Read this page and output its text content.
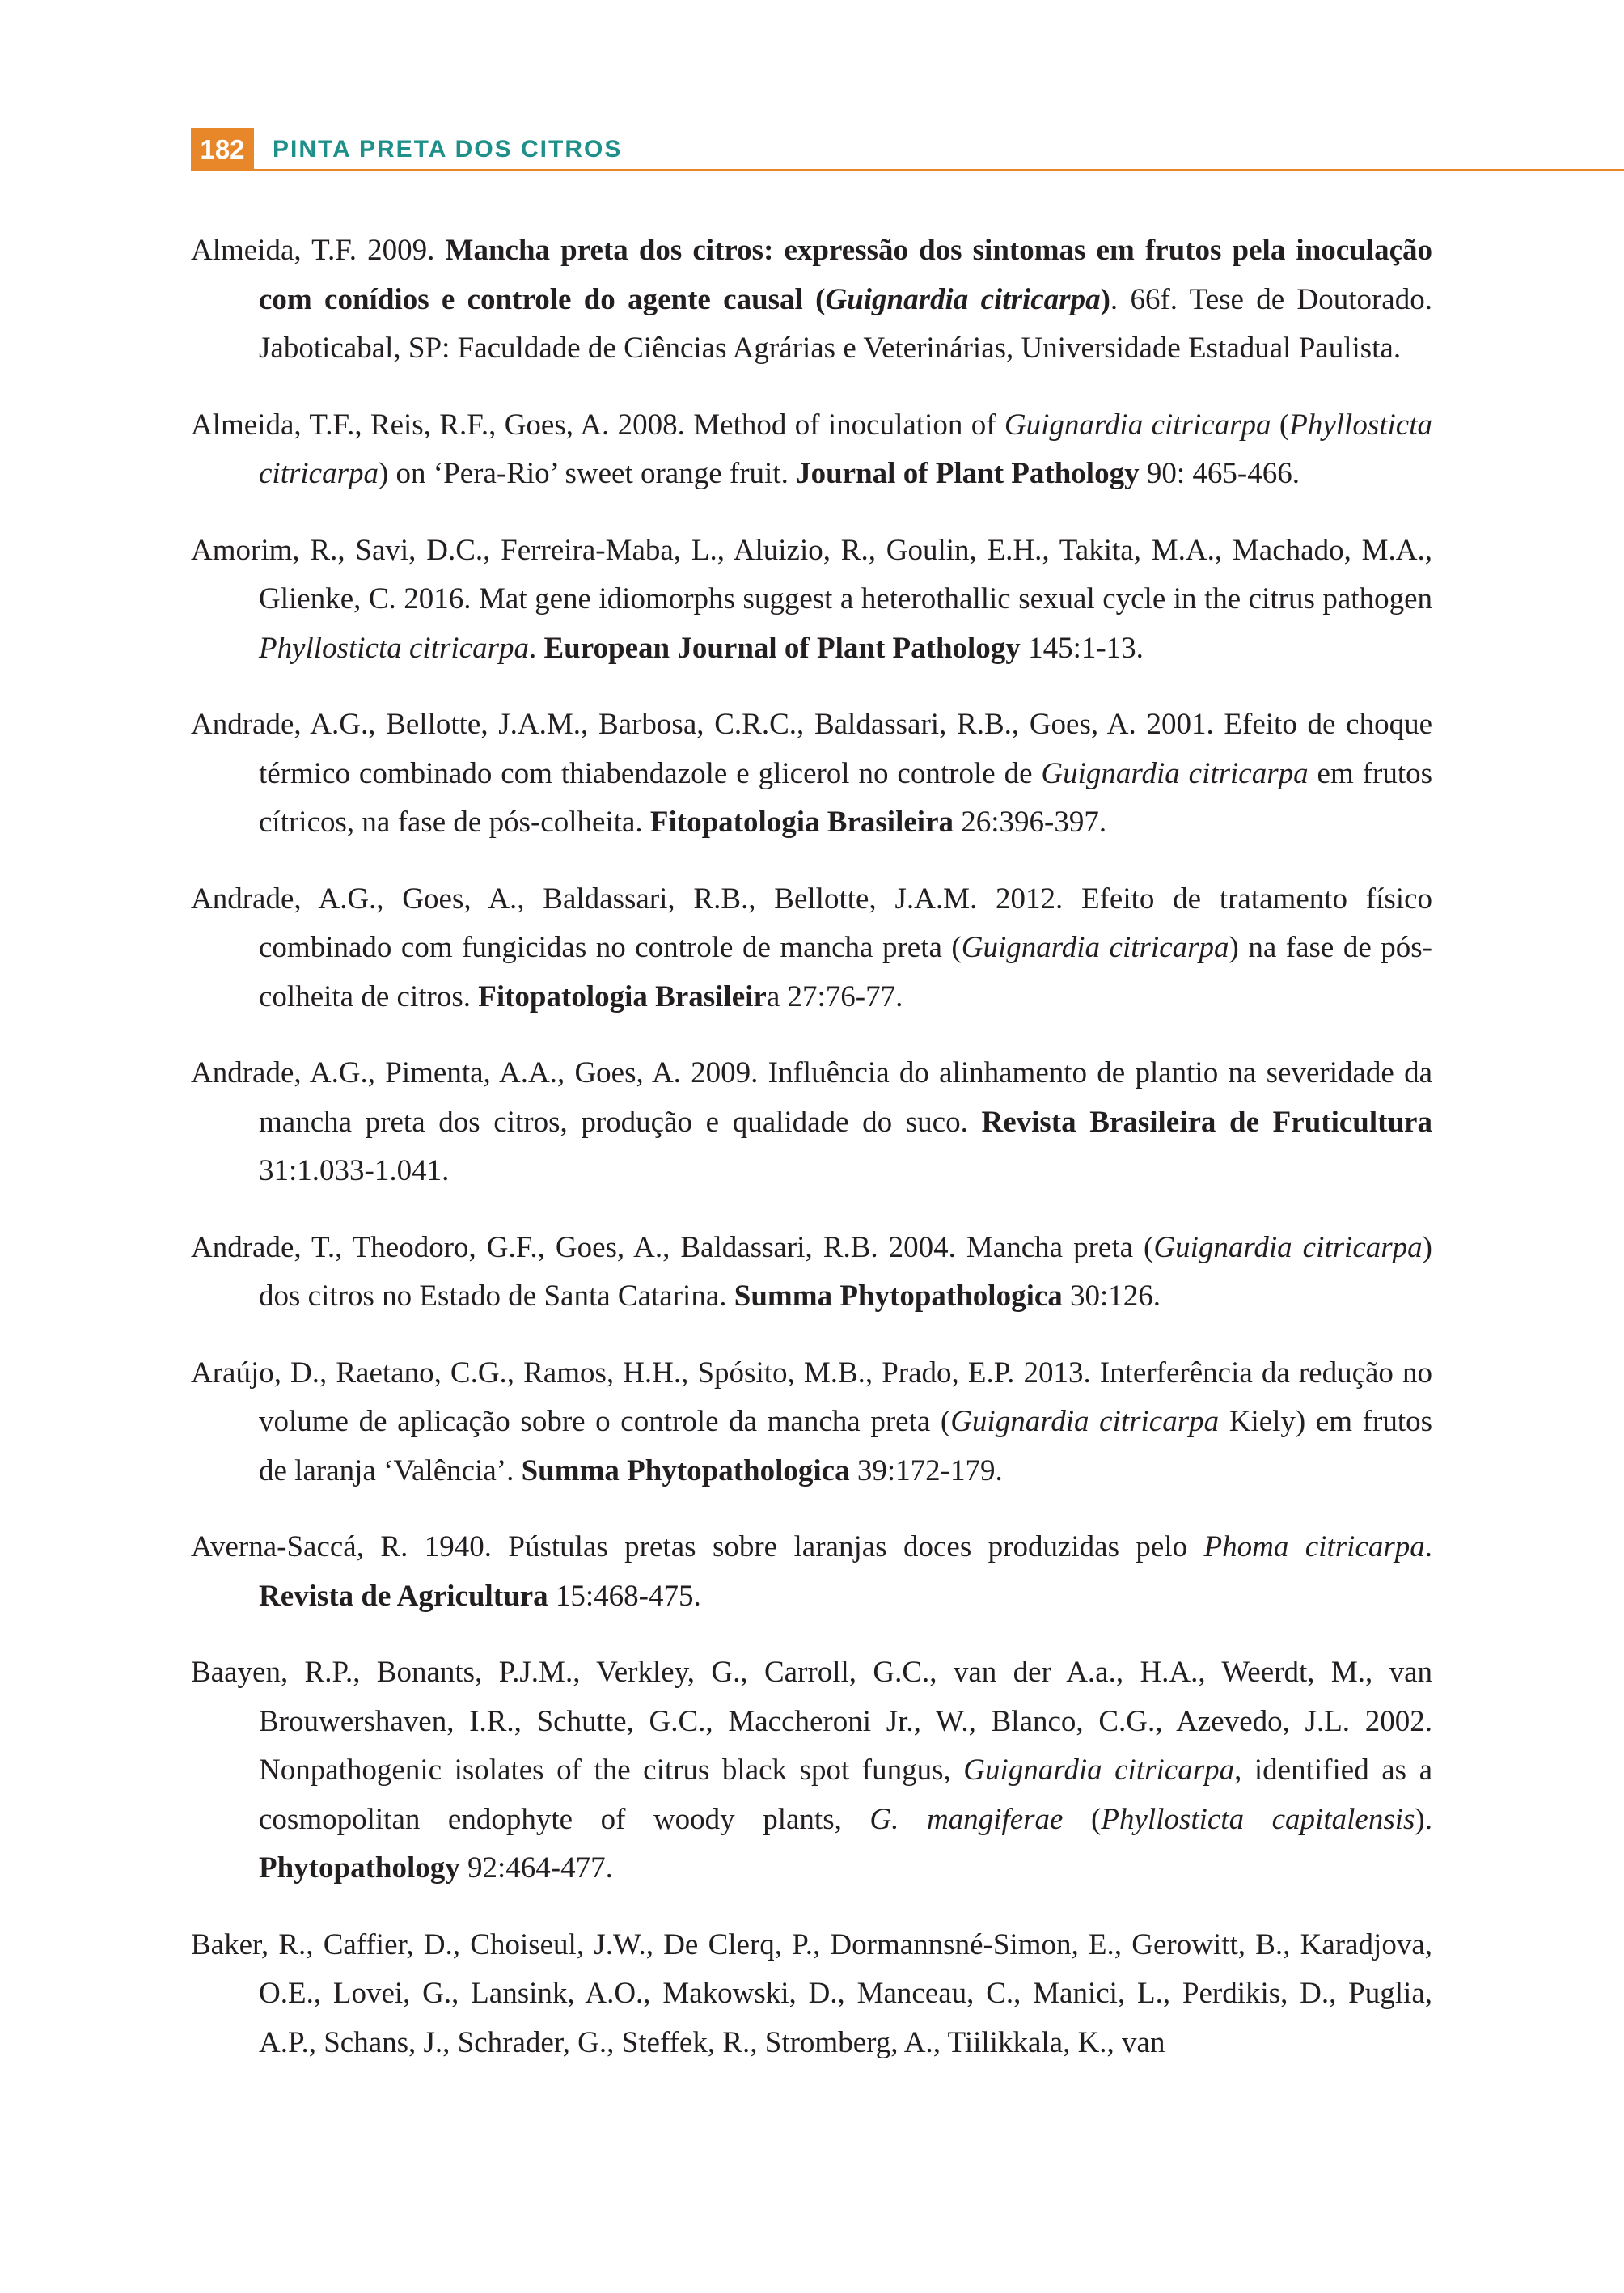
182	PINTA PRETA DOS CITROS
Almeida, T.F. 2009. Mancha preta dos citros: expressão dos sintomas em frutos pela inoculação com conídios e controle do agente causal (Guignardia citricarpa). 66f. Tese de Doutorado. Jaboticabal, SP: Faculdade de Ciências Agrárias e Veterinárias, Universidade Estadual Paulista.
Almeida, T.F., Reis, R.F., Goes, A. 2008. Method of inoculation of Guignardia citricarpa (Phyllosticta citricarpa) on ‘Pera-Rio’ sweet orange fruit. Journal of Plant Pathology 90: 465-466.
Amorim, R., Savi, D.C., Ferreira-Maba, L., Aluizio, R., Goulin, E.H., Takita, M.A., Machado, M.A., Glienke, C. 2016. Mat gene idiomorphs suggest a heterothallic sexual cycle in the citrus pathogen Phyllosticta citricarpa. European Journal of Plant Pathology 145:1-13.
Andrade, A.G., Bellotte, J.A.M., Barbosa, C.R.C., Baldassari, R.B., Goes, A. 2001. Efeito de choque térmico combinado com thiabendazole e glicerol no controle de Guignardia citricarpa em frutos cítricos, na fase de pós-colheita. Fitopatologia Brasileira 26:396-397.
Andrade, A.G., Goes, A., Baldassari, R.B., Bellotte, J.A.M. 2012. Efeito de tratamento físico combinado com fungicidas no controle de mancha preta (Guignardia citricarpa) na fase de pós-colheita de citros. Fitopatologia Brasileira 27:76-77.
Andrade, A.G., Pimenta, A.A., Goes, A. 2009. Influência do alinhamento de plantio na severidade da mancha preta dos citros, produção e qualidade do suco. Revista Brasileira de Fruticultura 31:1.033-1.041.
Andrade, T., Theodoro, G.F., Goes, A., Baldassari, R.B. 2004. Mancha preta (Guignardia citricarpa) dos citros no Estado de Santa Catarina. Summa Phytopathologica 30:126.
Araújo, D., Raetano, C.G., Ramos, H.H., Spósito, M.B., Prado, E.P. 2013. Interferência da redução no volume de aplicação sobre o controle da mancha preta (Guignardia citricarpa Kiely) em frutos de laranja ‘Valência’. Summa Phytopathologica 39:172-179.
Averna-Saccá, R. 1940. Pústulas pretas sobre laranjas doces produzidas pelo Phoma citricarpa. Revista de Agricultura 15:468-475.
Baayen, R.P., Bonants, P.J.M., Verkley, G., Carroll, G.C., van der A.a., H.A., Weerdt, M., van Brouwershaven, I.R., Schutte, G.C., Maccheroni Jr., W., Blanco, C.G., Azevedo, J.L. 2002. Nonpathogenic isolates of the citrus black spot fungus, Guignardia citricarpa, identified as a cosmopolitan endophyte of woody plants, G. mangiferae (Phyllosticta capitalensis). Phytopathology 92:464-477.
Baker, R., Caffier, D., Choiseul, J.W., De Clerq, P., Dormannsné-Simon, E., Gerowitt, B., Karadjova, O.E., Lovei, G., Lansink, A.O., Makowski, D., Manceau, C., Manici, L., Perdikis, D., Puglia, A.P., Schans, J., Schrader, G., Steffek, R., Stromberg, A., Tiilikkala, K., van
